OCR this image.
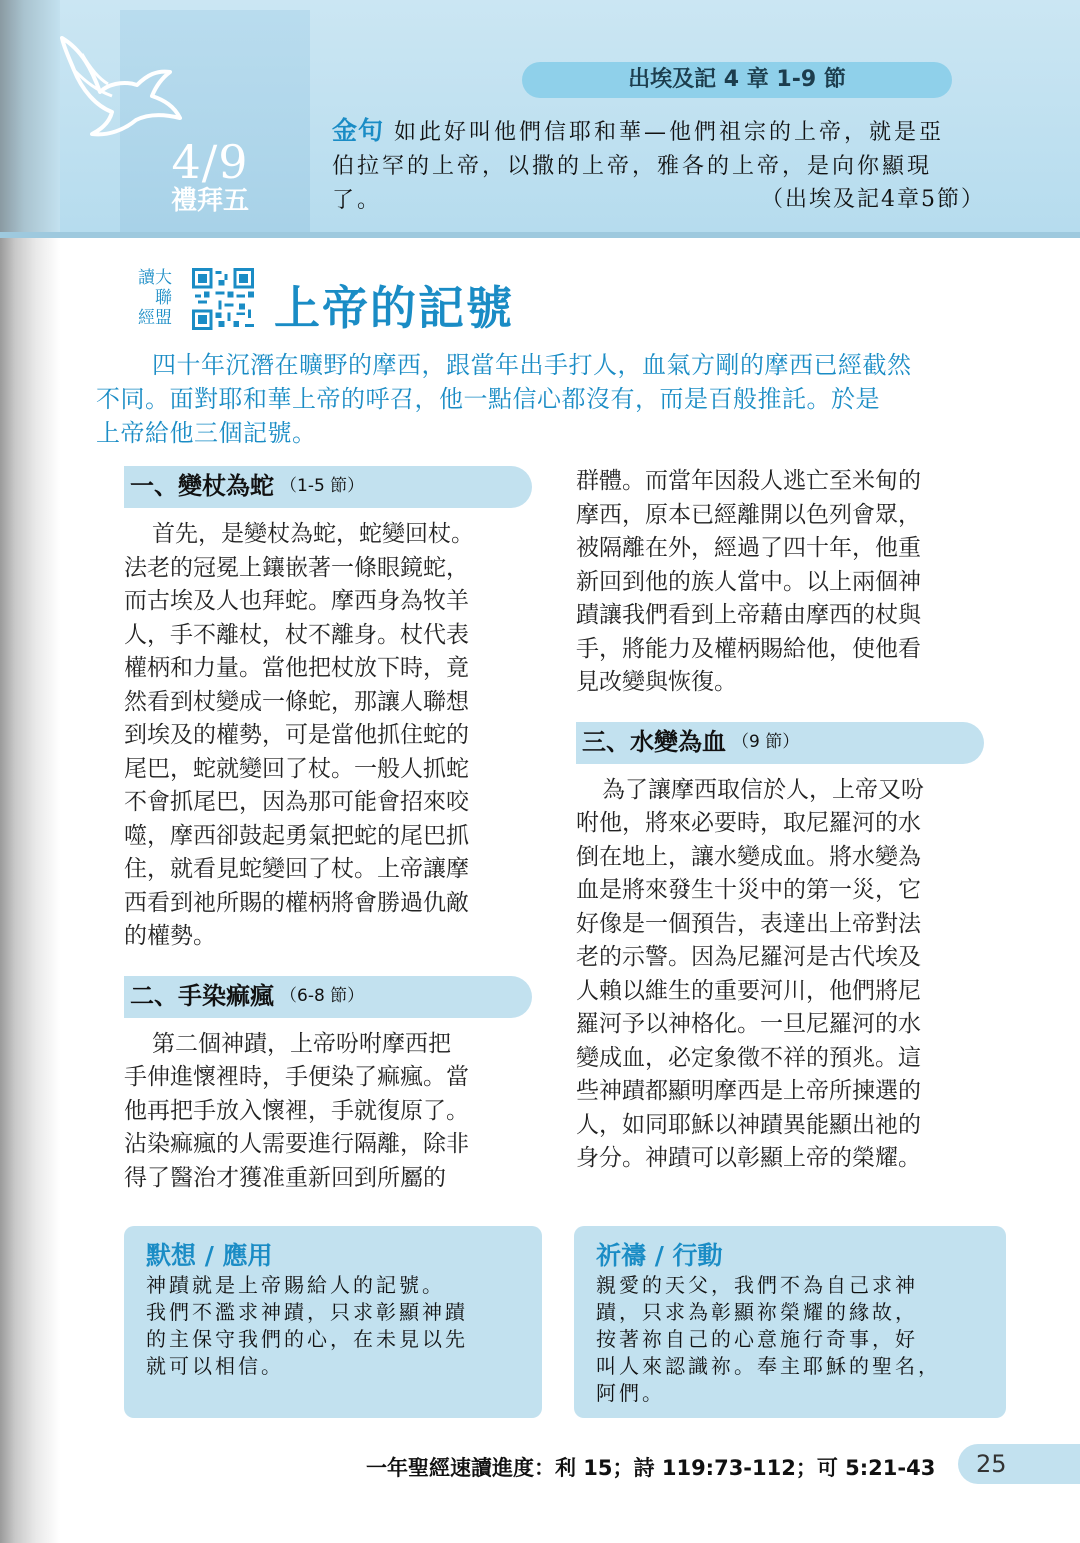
4/9
禮拜五
出埃及記 4 章 1-9 節
金句 如此好叫他們信耶和華—他們祖宗的上帝，就是亞
伯拉罕的上帝，以撒的上帝，雅各的上帝，是向你顯現
了。	（出埃及記4章5節）
讀大
　聯
經盟	上帝的記號
四十年沉潛在曠野的摩西，跟當年出手打人，血氣方剛的摩西已經截然
不同。面對耶和華上帝的呼召，他一點信心都沒有，而是百般推託。於是
上帝給他三個記號。
一、變杖為蛇 （1-5 節）
首先，是變杖為蛇，蛇變回杖。
法老的冠冕上鑲嵌著一條眼鏡蛇，
而古埃及人也拜蛇。摩西身為牧羊
人，手不離杖，杖不離身。杖代表
權柄和力量。當他把杖放下時，竟
然看到杖變成一條蛇，那讓人聯想
到埃及的權勢，可是當他抓住蛇的
尾巴，蛇就變回了杖。一般人抓蛇
不會抓尾巴，因為那可能會招來咬
噬，摩西卻鼓起勇氣把蛇的尾巴抓
住，就看見蛇變回了杖。上帝讓摩
西看到祂所賜的權柄將會勝過仇敵
的權勢。
二、手染痲瘋 （6-8 節）
第二個神蹟，上帝吩咐摩西把
手伸進懷裡時，手便染了痲瘋。當
他再把手放入懷裡，手就復原了。
沾染痲瘋的人需要進行隔離，除非
得了醫治才獲准重新回到所屬的
群體。而當年因殺人逃亡至米甸的
摩西，原本已經離開以色列會眾，
被隔離在外，經過了四十年，他重
新回到他的族人當中。以上兩個神
蹟讓我們看到上帝藉由摩西的杖與
手，將能力及權柄賜給他，使他看
見改變與恢復。
三、水變為血 （9 節）
為了讓摩西取信於人，上帝又吩
咐他，將來必要時，取尼羅河的水
倒在地上，讓水變成血。將水變為
血是將來發生十災中的第一災，它
好像是一個預告，表達出上帝對法
老的示警。因為尼羅河是古代埃及
人賴以維生的重要河川，他們將尼
羅河予以神格化。一旦尼羅河的水
變成血，必定象徵不祥的預兆。這
些神蹟都顯明摩西是上帝所揀選的
人，如同耶穌以神蹟異能顯出祂的
身分。神蹟可以彰顯上帝的榮耀。
默想 / 應用
神蹟就是上帝賜給人的記號。
我們不濫求神蹟，只求彰顯神蹟
的主保守我們的心，在未見以先
就可以相信。
祈禱 / 行動
親愛的天父，我們不為自己求神
蹟，只求為彰顯祢榮耀的緣故，
按著祢自己的心意施行奇事，好
叫人來認識祢。奉主耶穌的聖名，
阿們。
一年聖經速讀進度：利 15；詩 119:73-112；可 5:21-43	25
